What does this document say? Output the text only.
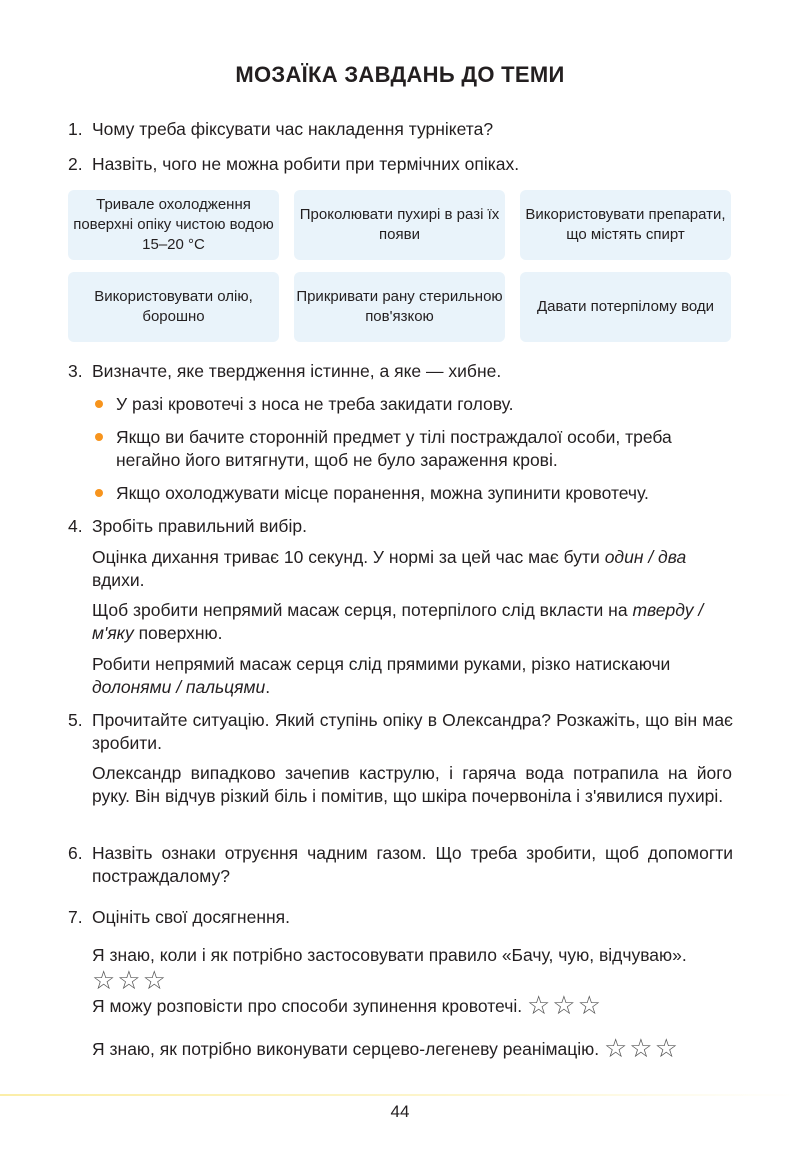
МОЗАЇКА ЗАВДАНЬ ДО ТЕМИ
1. Чому треба фіксувати час накладення турнікета?
2. Назвіть, чого не можна робити при термічних опіках.
Тривале охолодження поверхні опіку чистою водою 15–20 °С
Проколювати пухирі в разі їх появи
Використовувати препарати, що містять спирт
Використовувати олію, борошно
Прикривати рану стерильною пов'язкою
Давати потерпілому води
3. Визначте, яке твердження істинне, а яке — хибне.
У разі кровотечі з носа не треба закидати голову.
Якщо ви бачите сторонній предмет у тілі постраждалої особи, треба негайно його витягнути, щоб не було зараження крові.
Якщо охолоджувати місце поранення, можна зупинити кровотечу.
4. Зробіть правильний вибір.
Оцінка дихання триває 10 секунд. У нормі за цей час має бути один / два вдихи.
Щоб зробити непрямий масаж серця, потерпілого слід вкласти на тверду / м'яку поверхню.
Робити непрямий масаж серця слід прямими руками, різко натискаючи долонями / пальцями.
5. Прочитайте ситуацію. Який ступінь опіку в Олександра? Розкажіть, що він має зробити.
Олександр випадково зачепив каструлю, і гаряча вода потрапила на його руку. Він відчув різкий біль і помітив, що шкіра почервоніла і з'явилися пухирі.
6. Назвіть ознаки отруєння чадним газом. Що треба зробити, щоб допомогти постраждалому?
7. Оцініть свої досягнення.
Я знаю, коли і як потрібно застосовувати правило «Бачу, чую, відчуваю».
☆☆☆
Я можу розповісти про способи зупинення кровотечі. ☆☆☆
Я знаю, як потрібно виконувати серцево-легеневу реанімацію. ☆☆☆
44
